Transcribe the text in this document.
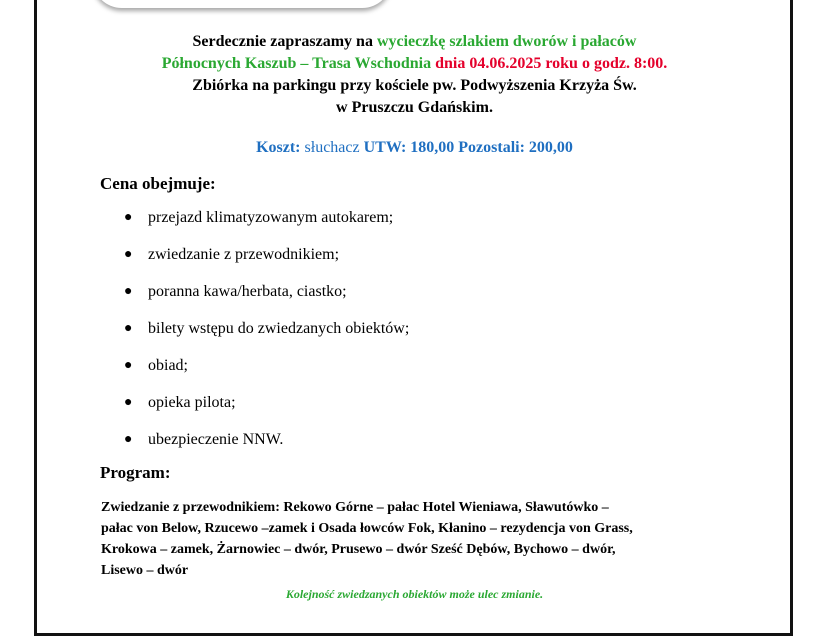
Serdecznie zapraszamy na wycieczkę szlakiem dworów i pałaców
Północnych Kaszub – Trasa Wschodnia dnia 04.06.2025 roku o godz. 8:00.
Zbiórka na parkingu przy kościele pw. Podwyższenia Krzyża Św.
w Pruszczu Gdańskim.
Koszt: słuchacz UTW: 180,00 Pozostali: 200,00
Cena obejmuje:
● przejazd klimatyzowanym autokarem;
● zwiedzanie z przewodnikiem;
● poranna kawa/herbata, ciastko;
● bilety wstępu do zwiedzanych obiektów;
● obiad;
● opieka pilota;
● ubezpieczenie NNW.
Program:
Zwiedzanie z przewodnikiem: Rekowo Górne – pałac Hotel Wieniawa, Sławutówko –
pałac von Below, Rzucewo –zamek i Osada łowców Fok, Kłanino – rezydencja von Grass,
Krokowa – zamek, Żarnowiec – dwór, Prusewo – dwór Sześć Dębów, Bychowo – dwór,
Lisewo – dwór
Kolejność zwiedzanych obiektów może ulec zmianie.
